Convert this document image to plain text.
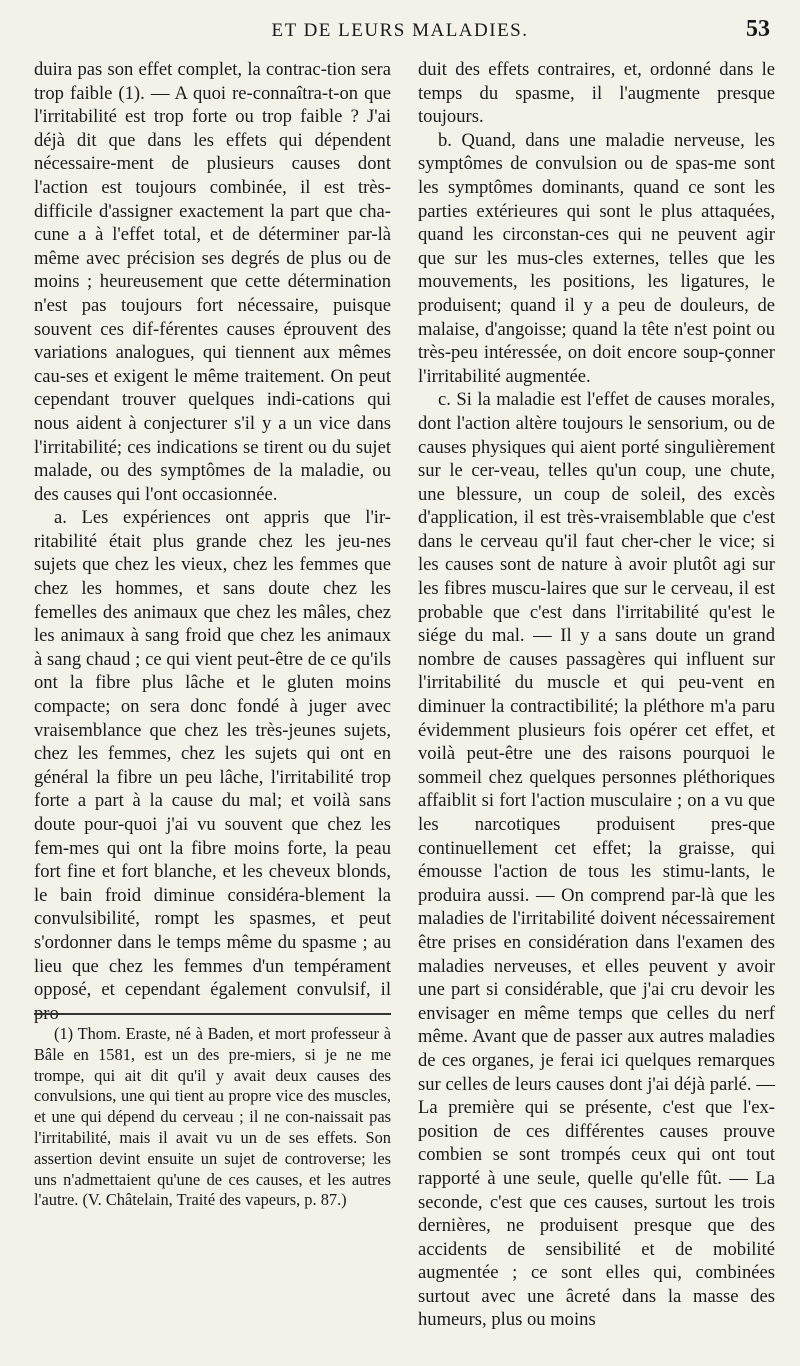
ET DE LEURS MALADIES.	53

duira pas son effet complet, la contrac-tion sera trop faible (1). — A quoi re-connaîtra-t-on que l'irritabilité est trop forte ou trop faible ? J'ai déjà dit que dans les effets qui dépendent nécessaire-ment de plusieurs causes dont l'action est toujours combinée, il est très-difficile d'assigner exactement la part que cha-cune a à l'effet total, et de déterminer par-là même avec précision ses degrés de plus ou de moins ; heureusement que cette détermination n'est pas toujours fort nécessaire, puisque souvent ces dif-férentes causes éprouvent des variations analogues, qui tiennent aux mêmes cau-ses et exigent le même traitement. On peut cependant trouver quelques indi-cations qui nous aident à conjecturer s'il y a un vice dans l'irritabilité; ces indications se tirent ou du sujet malade, ou des symptômes de la maladie, ou des causes qui l'ont occasionnée.

a. Les expériences ont appris que l'ir-ritabilité était plus grande chez les jeu-nes sujets que chez les vieux, chez les femmes que chez les hommes, et sans doute chez les femelles des animaux que chez les mâles, chez les animaux à sang froid que chez les animaux à sang chaud ; ce qui vient peut-être de ce qu'ils ont la fibre plus lâche et le gluten moins compacte; on sera donc fondé à juger avec vraisemblance que chez les très-jeunes sujets, chez les femmes, chez les sujets qui ont en général la fibre un peu lâche, l'irritabilité trop forte a part à la cause du mal; et voilà sans doute pour-quoi j'ai vu souvent que chez les fem-mes qui ont la fibre moins forte, la peau fort fine et fort blanche, et les cheveux blonds, le bain froid diminue considéra-blement la convulsibilité, rompt les spasmes, et peut s'ordonner dans le temps même du spasme ; au lieu que chez les femmes d'un tempérament opposé, et cependant également convulsif, il pro-

(1) Thom. Eraste, né à Baden, et mort professeur à Bâle en 1581, est un des pre-miers, si je ne me trompe, qui ait dit qu'il y avait deux causes des convulsions, une qui tient au propre vice des muscles, et une qui dépend du cerveau ; il ne con-naissait pas l'irritabilité, mais il avait vu un de ses effets. Son assertion devint ensuite un sujet de controverse; les uns n'admettaient qu'une de ces causes, et les autres l'autre. (V. Châtelain, Traité des vapeurs, p. 87.)

duit des effets contraires, et, ordonné dans le temps du spasme, il l'augmente presque toujours.

b. Quand, dans une maladie nerveuse, les symptômes de convulsion ou de spas-me sont les symptômes dominants, quand ce sont les parties extérieures qui sont le plus attaquées, quand les circonstan-ces qui ne peuvent agir que sur les mus-cles externes, telles que les mouvements, les positions, les ligatures, le produisent; quand il y a peu de douleurs, de malaise, d'angoisse; quand la tête n'est point ou très-peu intéressée, on doit encore soup-çonner l'irritabilité augmentée.

c. Si la maladie est l'effet de causes morales, dont l'action altère toujours le sensorium, ou de causes physiques qui aient porté singulièrement sur le cer-veau, telles qu'un coup, une chute, une blessure, un coup de soleil, des excès d'application, il est très-vraisemblable que c'est dans le cerveau qu'il faut cher-cher le vice; si les causes sont de nature à avoir plutôt agi sur les fibres muscu-laires que sur le cerveau, il est probable que c'est dans l'irritabilité qu'est le siége du mal. — Il y a sans doute un grand nombre de causes passagères qui influent sur l'irritabilité du muscle et qui peu-vent en diminuer la contractibilité; la pléthore m'a paru évidemment plusieurs fois opérer cet effet, et voilà peut-être une des raisons pourquoi le sommeil chez quelques personnes pléthoriques affaiblit si fort l'action musculaire ; on a vu que les narcotiques produisent pres-que continuellement cet effet; la graisse, qui émousse l'action de tous les stimu-lants, le produira aussi. — On comprend par-là que les maladies de l'irritabilité doivent nécessairement être prises en considération dans l'examen des maladies nerveuses, et elles peuvent y avoir une part si considérable, que j'ai cru devoir les envisager en même temps que celles du nerf même. Avant que de passer aux autres maladies de ces organes, je ferai ici quelques remarques sur celles de leurs causes dont j'ai déjà parlé. — La première qui se présente, c'est que l'ex-position de ces différentes causes prouve combien se sont trompés ceux qui ont tout rapporté à une seule, quelle qu'elle fût. — La seconde, c'est que ces causes, surtout les trois dernières, ne produisent presque que des accidents de sensibilité et de mobilité augmentée ; ce sont elles qui, combinées surtout avec une âcreté dans la masse des humeurs, plus ou moins
